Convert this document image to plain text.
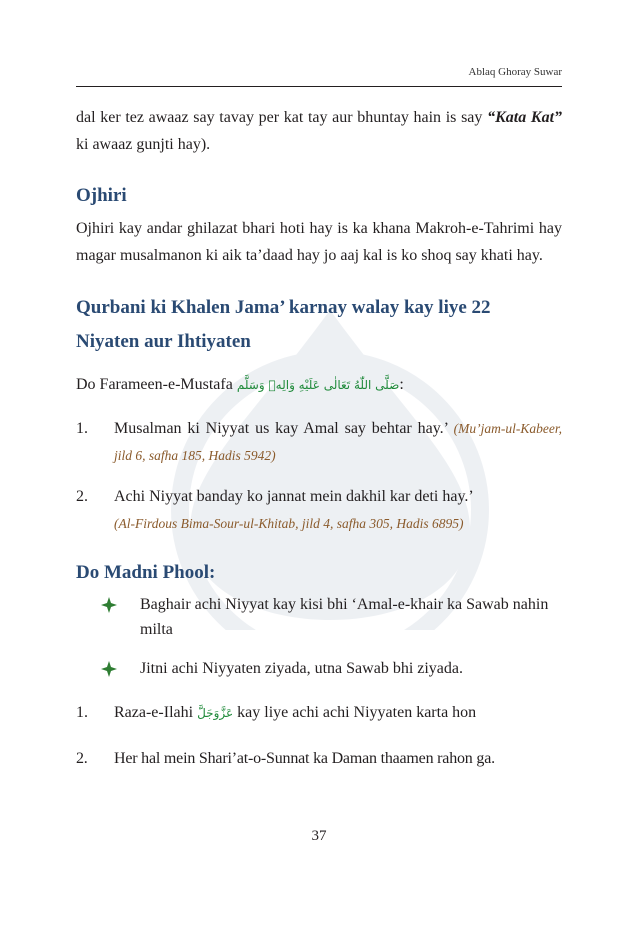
Ablaq Ghoray Suwar

dal ker tez awaaz say tavay per kat tay aur bhuntay hain is say “Kata Kat” ki awaaz gunjti hay).

Ojhiri

Ojhiri kay andar ghilazat bhari hoti hay is ka khana Makroh-e-Tahrimi hay magar musalmanon ki aik ta’daad hay jo aaj kal is ko shoq say khati hay.

Qurbani ki Khalen Jama’ karnay walay kay liye 22
Niyaten aur Ihtiyaten

Do Farameen-e-Mustafa صَلَّى اللّٰهُ تَعَالٰى عَلَيْهِ وَالِهٖ وَسَلَّم:

1. Musalman ki Niyyat us kay Amal say behtar hay.’ (Mu’jam-ul-Kabeer, jild 6, safha 185, Hadis 5942)
2. Achi Niyyat banday ko jannat mein dakhil kar deti hay.’
(Al-Firdous Bima-Sour-ul-Khitab, jild 4, safha 305, Hadis 6895)
Do Madni Phool:
Baghair achi Niyyat kay kisi bhi ‘Amal-e-khair ka Sawab nahin milta
Jitni achi Niyyaten ziyada, utna Sawab bhi ziyada.
1. Raza-e-Ilahi عَزَّوَجَلَّ kay liye achi achi Niyyaten karta hon
2. Her hal mein Shari’at-o-Sunnat ka Daman thaamen rahon ga.
37
